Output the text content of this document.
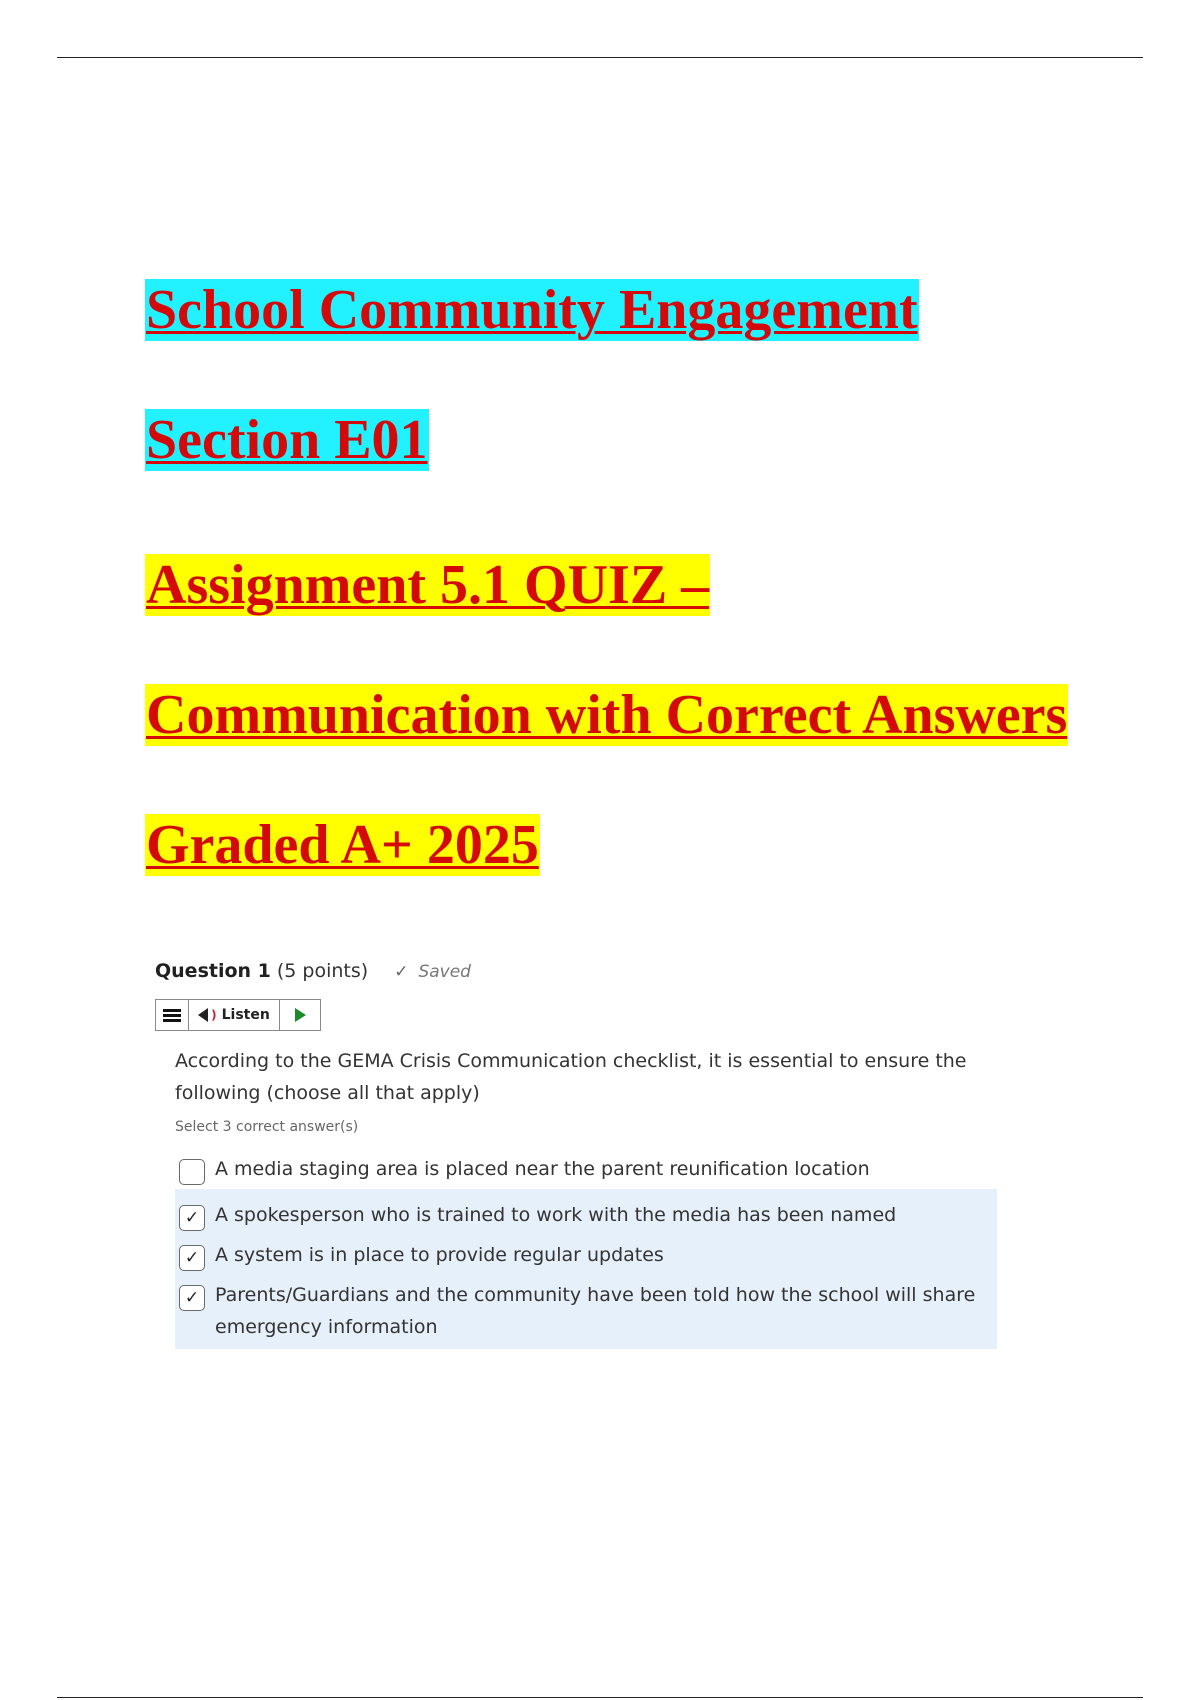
School Community Engagement
Section E01
Assignment 5.1 QUIZ –
Communication with Correct Answers
Graded A+ 2025
Question 1 (5 points) ✓ Saved
) Listen
According to the GEMA Crisis Communication checklist, it is essential to ensure the following (choose all that apply)
Select 3 correct answer(s)
A media staging area is placed near the parent reunification location
✓ A spokesperson who is trained to work with the media has been named
✓ A system is in place to provide regular updates
✓ Parents/Guardians and the community have been told how the school will share emergency information
